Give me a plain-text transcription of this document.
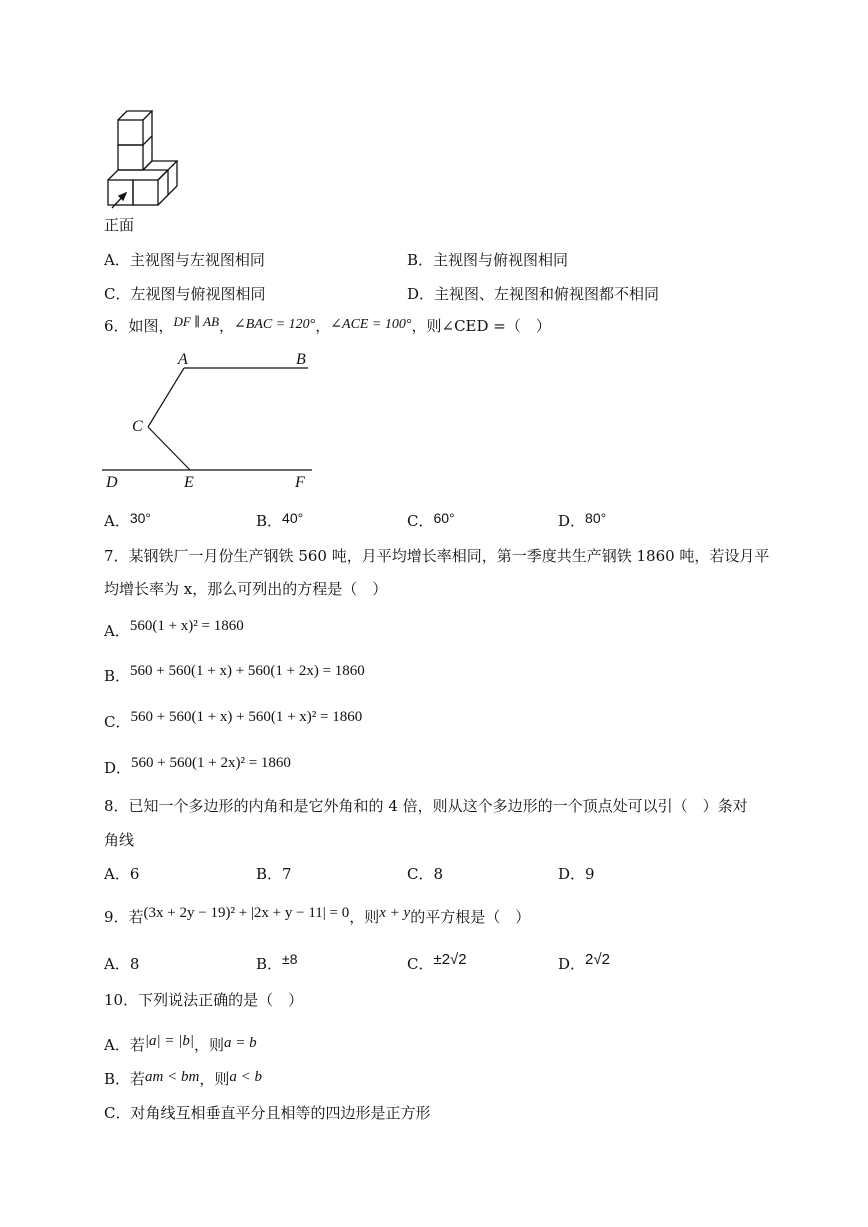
正面
A．主视图与左视图相同	B．主视图与俯视图相同
C．左视图与俯视图相同	D．主视图、左视图和俯视图都不相同
6．如图，DF ∥ AB，∠BAC = 120°，∠ACE = 100°，则∠CED =（　）
A	B
C
D	E	F
A．30°	B．40°	C．60°	D．80°
7．某钢铁厂一月份生产钢铁 560 吨，月平均增长率相同，第一季度共生产钢铁 1860 吨，若设月平
均增长率为 x，那么可列出的方程是（　）
A．560(1 + x)² = 1860
B．560 + 560(1 + x) + 560(1 + 2x) = 1860
C．560 + 560(1 + x) + 560(1 + x)² = 1860
D．560 + 560(1 + 2x)² = 1860
8．已知一个多边形的内角和是它外角和的 4 倍，则从这个多边形的一个顶点处可以引（　）条对
角线
A．6	B．7	C．8	D．9
9．若(3x + 2y − 19)² + |2x + y − 11| = 0，则x + y的平方根是（　）
A．8	B．±8	C．±2√2	D．2√2
10．下列说法正确的是（　）
A．若|a| = |b|，则a = b
B．若am < bm，则a < b
C．对角线互相垂直平分且相等的四边形是正方形
